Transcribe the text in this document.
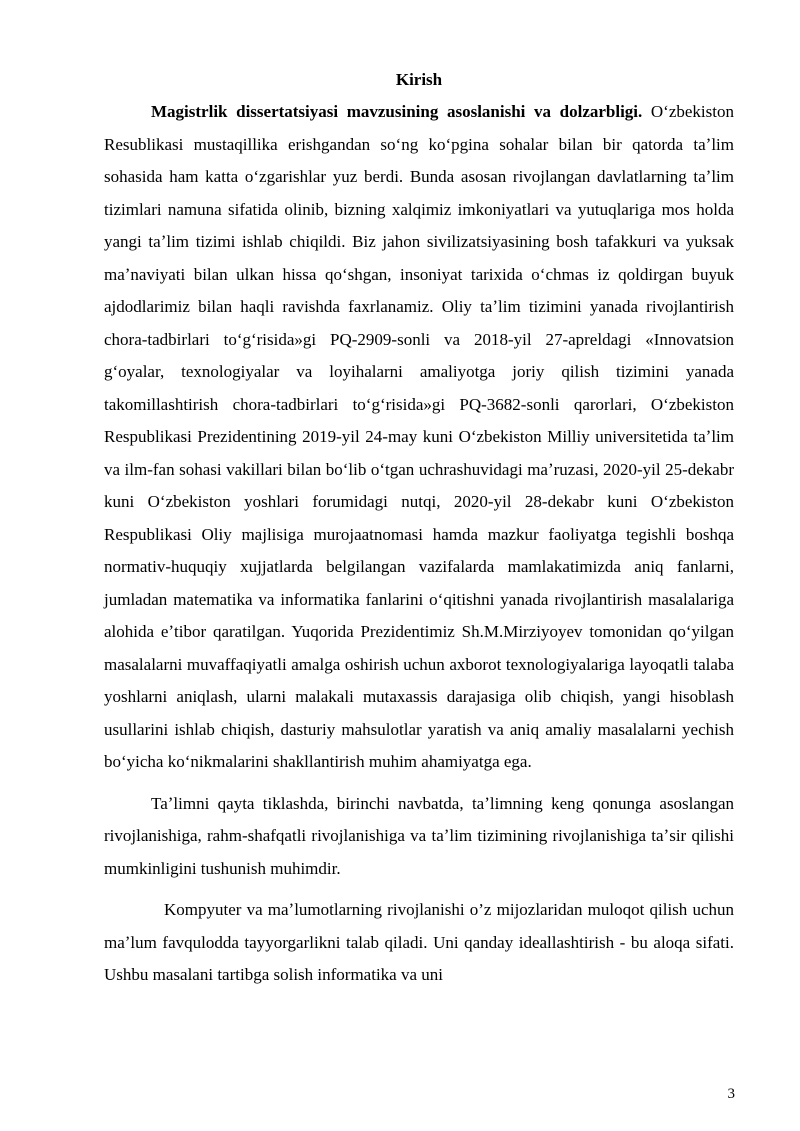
Kirish

Magistrlik dissertatsiyasi mavzusining asoslanishi va dolzarbligi. Oʻzbekiston Resublikasi mustaqillika erishgandan soʻng koʻpgina sohalar bilan bir qatorda taʼlim sohasida ham katta oʻzgarishlar yuz berdi. Bunda asosan rivojlangan davlatlarning taʼlim tizimlari namuna sifatida olinib, bizning xalqimiz imkoniyatlari va yutuqlariga mos holda yangi taʼlim tizimi ishlab chiqildi. Biz jahon sivilizatsiyasining bosh tafakkuri va yuksak maʼnaviyati bilan ulkan hissa qoʻshgan, insoniyat tarixida oʻchmas iz qoldirgan buyuk ajdodlarimiz bilan haqli ravishda faxrlanamiz. Oliy taʼlim tizimini yanada rivojlantirish chora-tadbirlari toʻgʻrisida»gi PQ-2909-sonli va 2018-yil 27-apreldagi «Innovatsion gʻoyalar, texnologiyalar va loyihalarni amaliyotga joriy qilish tizimini yanada takomillashtirish chora-tadbirlari toʻgʻrisida»gi PQ-3682-sonli qarorlari, Oʻzbekiston Respublikasi Prezidentining 2019-yil 24-may kuni Oʻzbekiston Milliy universitetida taʼlim va ilm-fan sohasi vakillari bilan boʻlib oʻtgan uchrashuvidagi maʼruzasi, 2020-yil 25-dekabr kuni Oʻzbekiston yoshlari forumidagi nutqi, 2020-yil 28-dekabr kuni Oʻzbekiston Respublikasi Oliy majlisiga murojaatnomasi hamda mazkur faoliyatga tegishli boshqa normativ-huquqiy xujjatlarda belgilangan vazifalarda mamlakatimizda aniq fanlarni, jumladan matematika va informatika fanlarini oʻqitishni yanada rivojlantirish masalalariga alohida eʼtibor qaratilgan. Yuqorida Prezidentimiz Sh.M.Mirziyoyev tomonidan qoʻyilgan masalalarni muvaffaqiyatli amalga oshirish uchun axborot texnologiyalariga layoqatli talaba yoshlarni aniqlash, ularni malakali mutaxassis darajasiga olib chiqish, yangi hisoblash usullarini ishlab chiqish, dasturiy mahsulotlar yaratish va aniq amaliy masalalarni yechish boʻyicha koʻnikmalarini shakllantirish muhim ahamiyatga ega.

Taʼlimni qayta tiklashda, birinchi navbatda, taʼlimning keng qonunga asoslangan rivojlanishiga, rahm-shafqatli rivojlanishiga va taʼlim tizimining rivojlanishiga taʼsir qilishi mumkinligini tushunish muhimdir.

Kompyuter va maʼlumotlarning rivojlanishi o’z mijozlaridan muloqot qilish uchun maʼlum favqulodda tayyorgarlikni talab qiladi. Uni qanday ideallashtirish - bu aloqa sifati. Ushbu masalani tartibga solish informatika va uni

3
